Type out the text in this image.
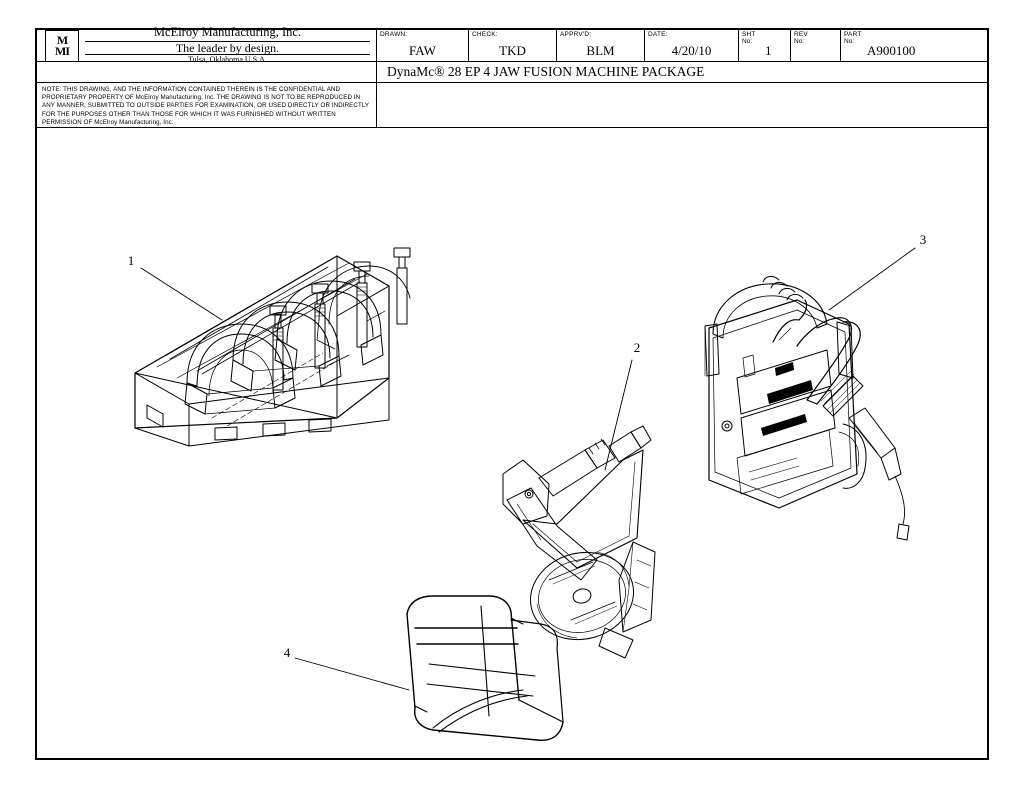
M
MI
McElroy Manufacturing, Inc.
The leader by design.
Tulsa, Oklahoma U.S.A.
DRAWN:
FAW
CHECK:
TKD
APPRV'D:
BLM
DATE:
4/20/10
SHT
No:
1
REV
No:
PART
No:
A900100
DynaMc® 28 EP 4 JAW FUSION MACHINE PACKAGE
NOTE: THIS DRAWING, AND THE INFORMATION CONTAINED THEREIN IS THE CONFIDENTIAL AND PROPRIETARY PROPERTY OF McElroy Manufacturing, Inc. THE DRAWING IS NOT TO BE REPRODUCED IN ANY MANNER, SUBMITTED TO OUTSIDE PARTIES FOR EXAMINATION, OR USED DIRECTLY OR INDIRECTLY FOR THE PURPOSES OTHER THAN THOSE FOR WHICH IT WAS FURNISHED WITHOUT WRITTEN PERMISSION OF McElroy Manufacturing, Inc.
1
2
3
4
